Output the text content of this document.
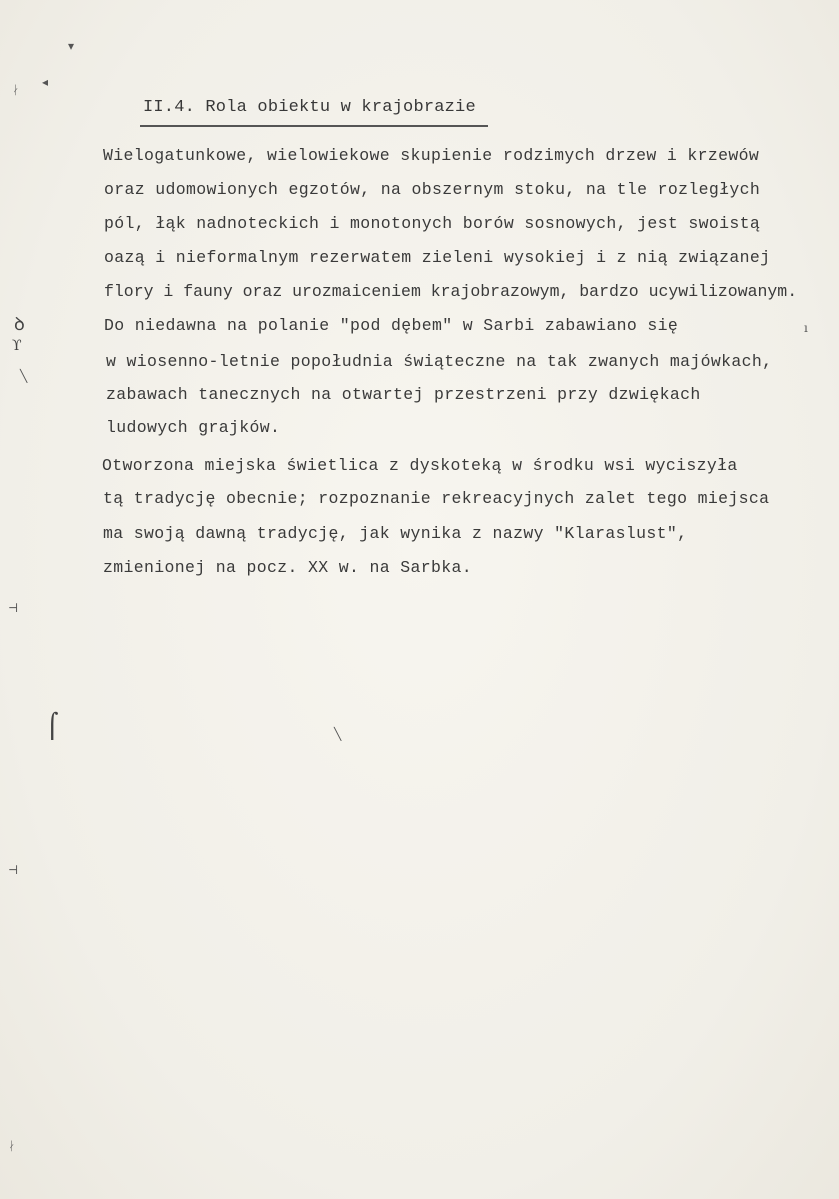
▾
◂
ᛅ
ꝺ
ϒ
╲
⊣
⌠
⊣
ᛅ
╲
ı
II.4. Rola obiektu w krajobrazie
Wielogatunkowe, wielowiekowe skupienie rodzimych drzew i krzewów
oraz udomowionych egzotów, na obszernym stoku, na tle rozległych
pól, łąk nadnoteckich i monotonych borów sosnowych, jest swoistą
oazą i nieformalnym rezerwatem zieleni wysokiej i z nią związanej
flory i fauny oraz urozmaiceniem krajobrazowym, bardzo ucywilizowanym.
Do niedawna na polanie "pod dębem" w Sarbi zabawiano się
w wiosenno-letnie popołudnia świąteczne na tak zwanych majówkach,
zabawach tanecznych na otwartej przestrzeni przy dzwiękach
ludowych grajków.
Otworzona miejska świetlica z dyskoteką w środku wsi wyciszyła
tą tradycję obecnie; rozpoznanie rekreacyjnych zalet tego miejsca
ma swoją dawną tradycję, jak wynika z nazwy "Klaraslust",
zmienionej na pocz. XX w. na Sarbka.
